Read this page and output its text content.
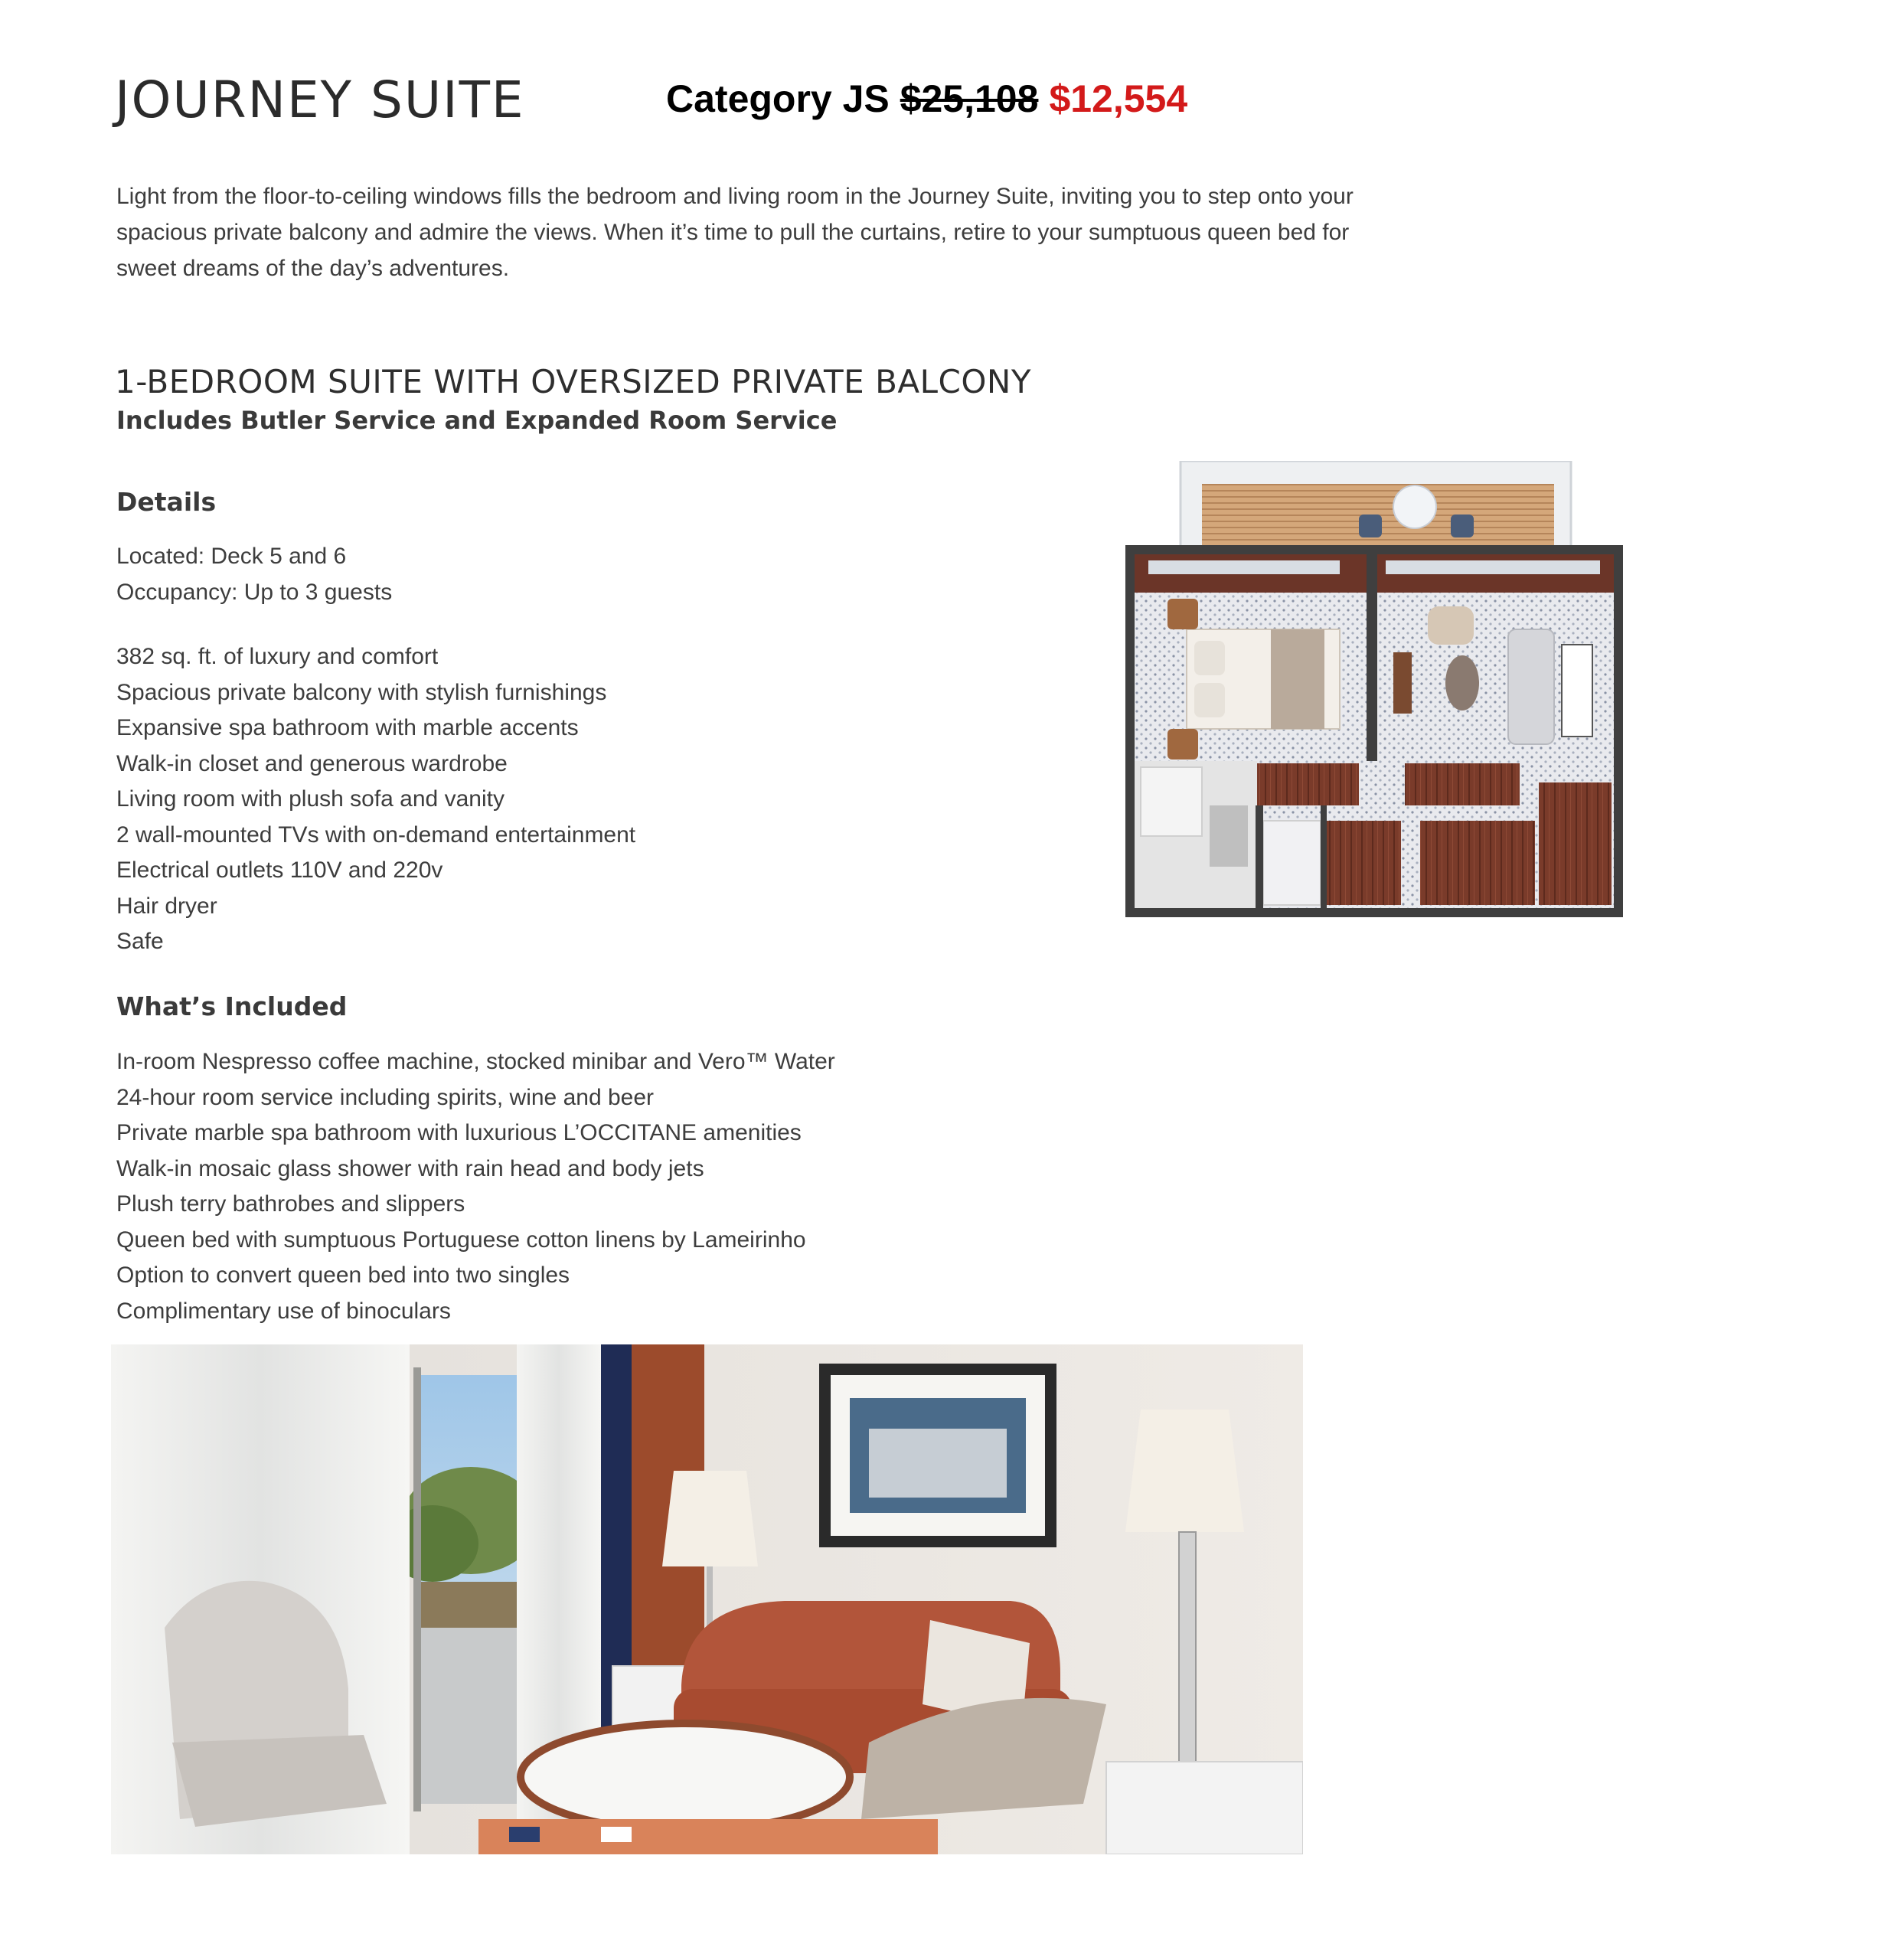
JOURNEY SUITE	Category JS $25,108 $12,554
Light from the floor-to-ceiling windows fills the bedroom and living room in the Journey Suite, inviting you to step onto your spacious private balcony and admire the views. When it’s time to pull the curtains, retire to your sumptuous queen bed for sweet dreams of the day’s adventures.
1-BEDROOM SUITE WITH OVERSIZED PRIVATE BALCONY
Includes Butler Service and Expanded Room Service
Details
Located: Deck 5 and 6
Occupancy: Up to 3 guests
382 sq. ft. of luxury and comfort
Spacious private balcony with stylish furnishings
Expansive spa bathroom with marble accents
Walk-in closet and generous wardrobe
Living room with plush sofa and vanity
2 wall-mounted TVs with on-demand entertainment
Electrical outlets 110V and 220v
Hair dryer
Safe
What’s Included
In-room Nespresso coffee machine, stocked minibar and Vero™ Water
24-hour room service including spirits, wine and beer
Private marble spa bathroom with luxurious L’OCCITANE amenities
Walk-in mosaic glass shower with rain head and body jets
Plush terry bathrobes and slippers
Queen bed with sumptuous Portuguese cotton linens by Lameirinho
Option to convert queen bed into two singles
Complimentary use of binoculars
